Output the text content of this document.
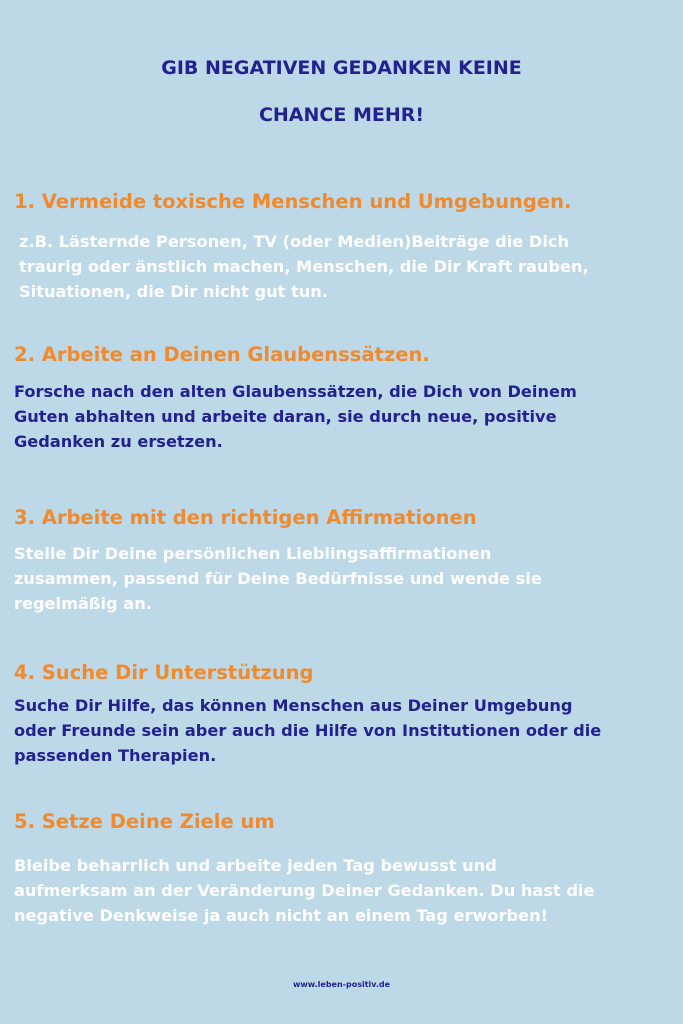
GIB NEGATIVEN GEDANKEN KEINE
CHANCE MEHR!
1. Vermeide toxische Menschen und Umgebungen.
z.B. Lästernde Personen, TV (oder Medien)Beiträge die Dich
traurig oder änstlich machen, Menschen, die Dir Kraft rauben,
Situationen, die Dir nicht gut tun.
2. Arbeite an Deinen Glaubenssätzen.
Forsche nach den alten Glaubenssätzen, die Dich von Deinem
Guten abhalten und arbeite daran, sie durch neue, positive
Gedanken zu ersetzen.
3. Arbeite mit den richtigen Affirmationen
Stelle Dir Deine persönlichen Lieblingsaffirmationen
zusammen, passend für Deine Bedürfnisse und wende sie
regelmäßig an.
4. Suche Dir Unterstützung
Suche Dir Hilfe, das können Menschen aus Deiner Umgebung
oder Freunde sein aber auch die Hilfe von Institutionen oder die
passenden Therapien.
5. Setze Deine Ziele um
Bleibe beharrlich und arbeite jeden Tag bewusst und
aufmerksam an der Veränderung Deiner Gedanken. Du hast die
negative Denkweise ja auch nicht an einem Tag erworben!
www.leben-positiv.de
